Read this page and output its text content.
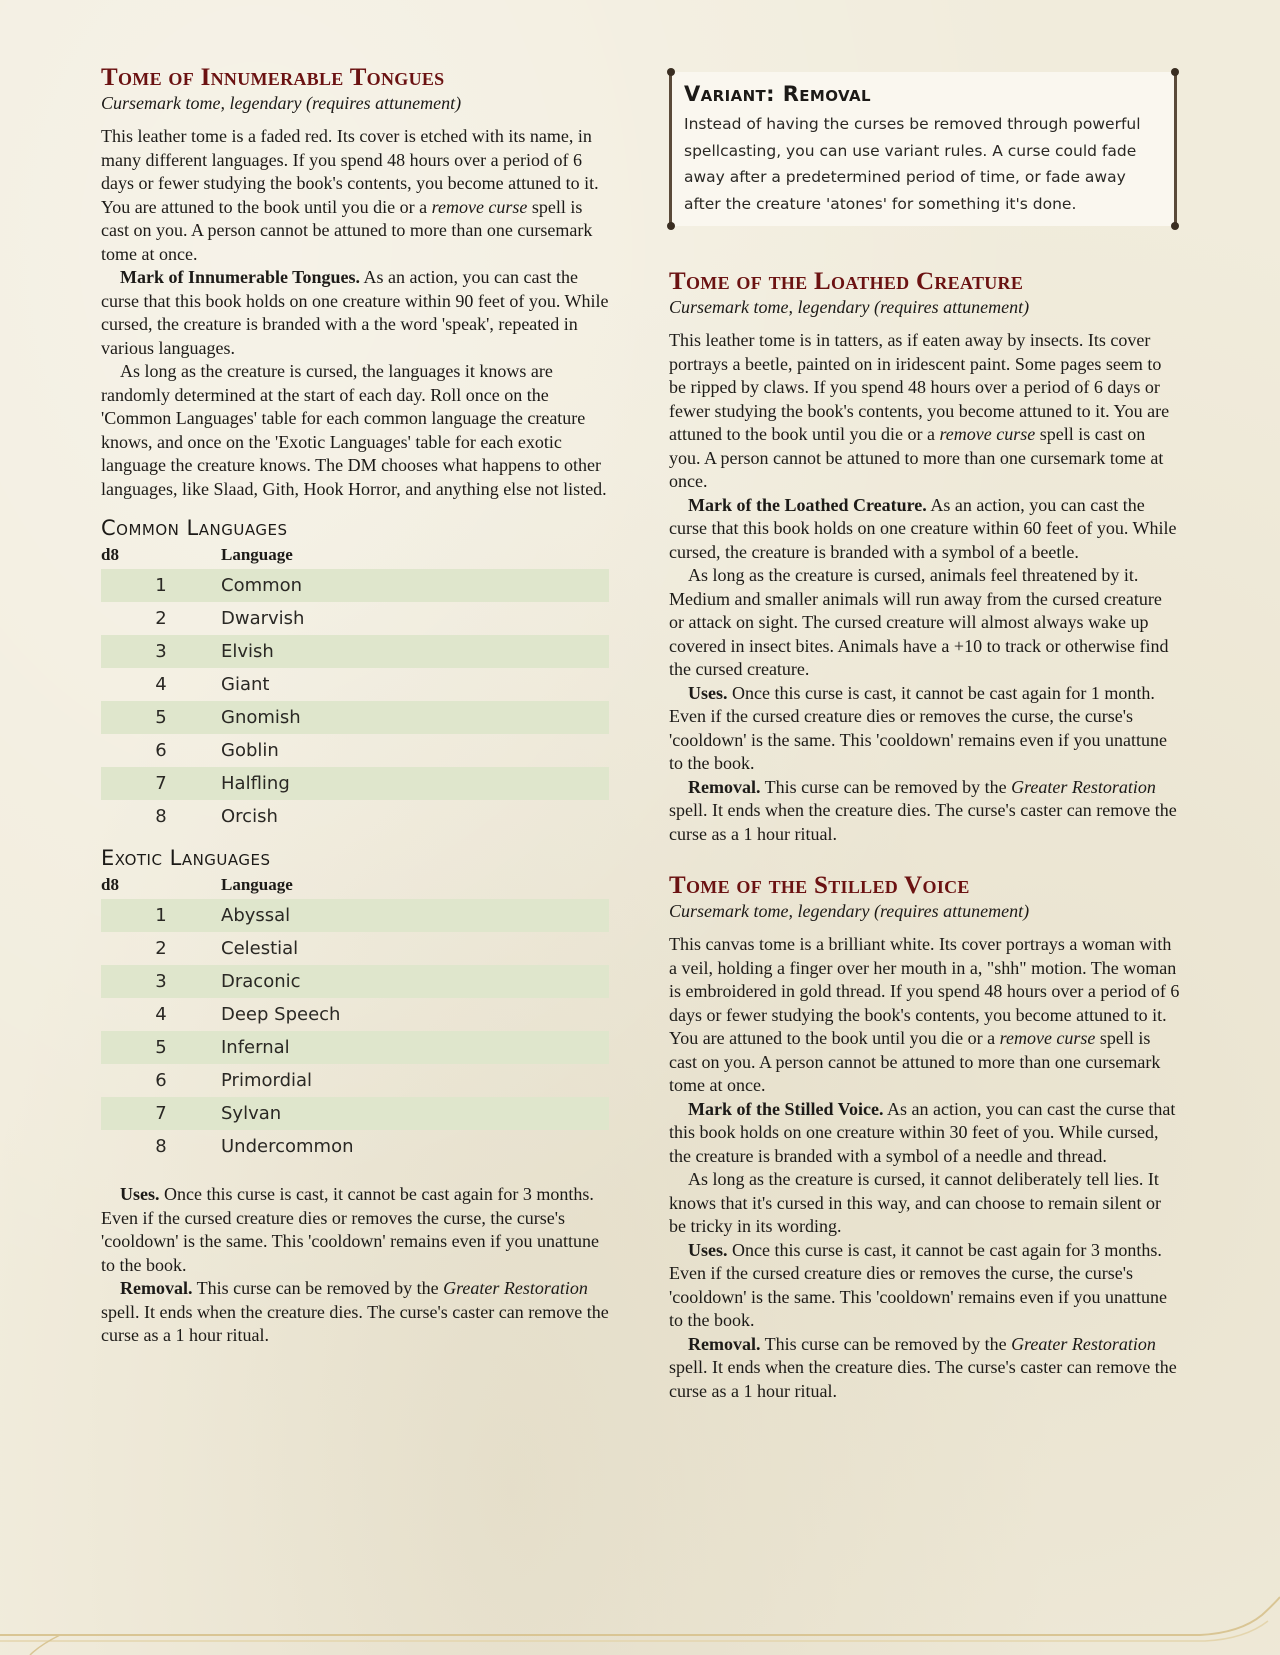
Tome of Innumerable Tongues
Cursemark tome, legendary (requires attunement)

This leather tome is a faded red. Its cover is etched with its name, in many different languages. If you spend 48 hours over a period of 6 days or fewer studying the book's contents, you become attuned to it. You are attuned to the book until you die or a remove curse spell is cast on you. A person cannot be attuned to more than one cursemark tome at once.

Mark of Innumerable Tongues. As an action, you can cast the curse that this book holds on one creature within 90 feet of you. While cursed, the creature is branded with a the word 'speak', repeated in various languages.

As long as the creature is cursed, the languages it knows are randomly determined at the start of each day. Roll once on the 'Common Languages' table for each common language the creature knows, and once on the 'Exotic Languages' table for each exotic language the creature knows. The DM chooses what happens to other languages, like Slaad, Gith, Hook Horror, and anything else not listed.

Common Languages
d8	Language
1	Common
2	Dwarvish
3	Elvish
4	Giant
5	Gnomish
6	Goblin
7	Halfling
8	Orcish
Exotic Languages
d8	Language
1	Abyssal
2	Celestial
3	Draconic
4	Deep Speech
5	Infernal
6	Primordial
7	Sylvan
8	Undercommon

Uses. Once this curse is cast, it cannot be cast again for 3 months. Even if the cursed creature dies or removes the curse, the curse's 'cooldown' is the same. This 'cooldown' remains even if you unattune to the book.

Removal. This curse can be removed by the Greater Restoration spell. It ends when the creature dies. The curse's caster can remove the curse as a 1 hour ritual.

Variant: Removal

Instead of having the curses be removed through powerful spellcasting, you can use variant rules. A curse could fade away after a predetermined period of time, or fade away after the creature 'atones' for something it's done.

Tome of the Loathed Creature
Cursemark tome, legendary (requires attunement)

This leather tome is in tatters, as if eaten away by insects. Its cover portrays a beetle, painted on in iridescent paint. Some pages seem to be ripped by claws. If you spend 48 hours over a period of 6 days or fewer studying the book's contents, you become attuned to it. You are attuned to the book until you die or a remove curse spell is cast on you. A person cannot be attuned to more than one cursemark tome at once.

Mark of the Loathed Creature. As an action, you can cast the curse that this book holds on one creature within 60 feet of you. While cursed, the creature is branded with a symbol of a beetle.

As long as the creature is cursed, animals feel threatened by it. Medium and smaller animals will run away from the cursed creature or attack on sight. The cursed creature will almost always wake up covered in insect bites. Animals have a +10 to track or otherwise find the cursed creature.

Uses. Once this curse is cast, it cannot be cast again for 1 month. Even if the cursed creature dies or removes the curse, the curse's 'cooldown' is the same. This 'cooldown' remains even if you unattune to the book.

Removal. This curse can be removed by the Greater Restoration spell. It ends when the creature dies. The curse's caster can remove the curse as a 1 hour ritual.

Tome of the Stilled Voice
Cursemark tome, legendary (requires attunement)

This canvas tome is a brilliant white. Its cover portrays a woman with a veil, holding a finger over her mouth in a, "shh" motion. The woman is embroidered in gold thread. If you spend 48 hours over a period of 6 days or fewer studying the book's contents, you become attuned to it. You are attuned to the book until you die or a remove curse spell is cast on you. A person cannot be attuned to more than one cursemark tome at once.

Mark of the Stilled Voice. As an action, you can cast the curse that this book holds on one creature within 30 feet of you. While cursed, the creature is branded with a symbol of a needle and thread.

As long as the creature is cursed, it cannot deliberately tell lies. It knows that it's cursed in this way, and can choose to remain silent or be tricky in its wording.

Uses. Once this curse is cast, it cannot be cast again for 3 months. Even if the cursed creature dies or removes the curse, the curse's 'cooldown' is the same. This 'cooldown' remains even if you unattune to the book.

Removal. This curse can be removed by the Greater Restoration spell. It ends when the creature dies. The curse's caster can remove the curse as a 1 hour ritual.
